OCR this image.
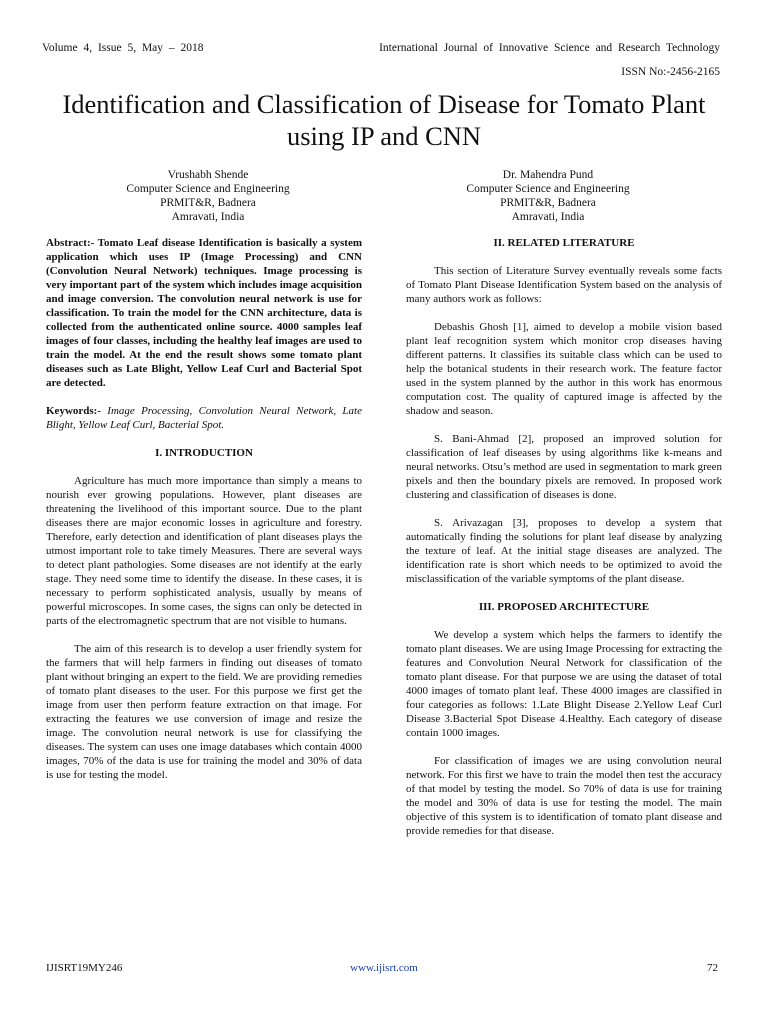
Volume 4, Issue 5, May – 2018	International Journal of Innovative Science and Research Technology
ISSN No:-2456-2165
Identification and Classification of Disease for Tomato Plant using IP and CNN
Vrushabh Shende
Computer Science and Engineering
PRMIT&R, Badnera
Amravati, India
Dr. Mahendra Pund
Computer Science and Engineering
PRMIT&R, Badnera
Amravati, India

Abstract:- Tomato Leaf disease Identification is basically a system application which uses IP (Image Processing) and CNN (Convolution Neural Network) techniques. Image processing is very important part of the system which includes image acquisition and image conversion. The convolution neural network is use for classification. To train the model for the CNN architecture, data is collected from the authenticated online source. 4000 samples leaf images of four classes, including the healthy leaf images are used to train the model. At the end the result shows some tomato plant diseases such as Late Blight, Yellow Leaf Curl and Bacterial Spot are detected.

Keywords:- Image Processing, Convolution Neural Network, Late Blight, Yellow Leaf Curl, Bacterial Spot.

I. INTRODUCTION

Agriculture has much more importance than simply a means to nourish ever growing populations. However, plant diseases are threatening the livelihood of this important source. Due to the plant diseases there are major economic losses in agriculture and forestry. Therefore, early detection and identification of plant diseases plays the utmost important role to take timely Measures. There are several ways to detect plant pathologies. Some diseases are not identify at the early stage. They need some time to identify the disease. In these cases, it is necessary to perform sophisticated analysis, usually by means of powerful microscopes. In some cases, the signs can only be detected in parts of the electromagnetic spectrum that are not visible to humans.

The aim of this research is to develop a user friendly system for the farmers that will help farmers in finding out diseases of tomato plant without bringing an expert to the field. We are providing remedies of tomato plant diseases to the user. For this purpose we first get the image from user then perform feature extraction on that image. For extracting the features we use conversion of image and resize the image. The convolution neural network is use for classifying the diseases. The system can uses one image databases which contain 4000 images, 70% of the data is use for training the model and 30% of data is use for testing the model.

II. RELATED LITERATURE

This section of Literature Survey eventually reveals some facts of Tomato Plant Disease Identification System based on the analysis of many authors work as follows:

Debashis Ghosh [1], aimed to develop a mobile vision based plant leaf recognition system which monitor crop diseases having different patterns. It classifies its suitable class which can be used to help the botanical students in their research work. The feature factor used in the system planned by the author in this work has enormous computation cost. The quality of captured image is affected by the shadow and season.

S. Bani-Ahmad [2], proposed an improved solution for classification of leaf diseases by using algorithms like k-means and neural networks. Otsu’s method are used in segmentation to mark green pixels and then the boundary pixels are removed. In proposed work clustering and classification of diseases is done.

S. Arivazagan [3], proposes to develop a system that automatically finding the solutions for plant leaf disease by analyzing the texture of leaf. At the initial stage diseases are analyzed. The identification rate is short which needs to be optimized to avoid the misclassification of the variable symptoms of the plant disease.

III. PROPOSED ARCHITECTURE

We develop a system which helps the farmers to identify the tomato plant diseases. We are using Image Processing for extracting the features and Convolution Neural Network for classification of the tomato plant disease. For that purpose we are using the dataset of total 4000 images of tomato plant leaf. These 4000 images are classified in four categories as follows: 1.Late Blight Disease 2.Yellow Leaf Curl Disease 3.Bacterial Spot Disease 4.Healthy. Each category of disease contain 1000 images.

For classification of images we are using convolution neural network. For this first we have to train the model then test the accuracy of that model by testing the model. So 70% of data is use for training the model and 30% of data is use for testing the model. The main objective of this system is to identification of tomato plant disease and provide remedies for that disease.

IJISRT19MY246	www.ijisrt.com	72
